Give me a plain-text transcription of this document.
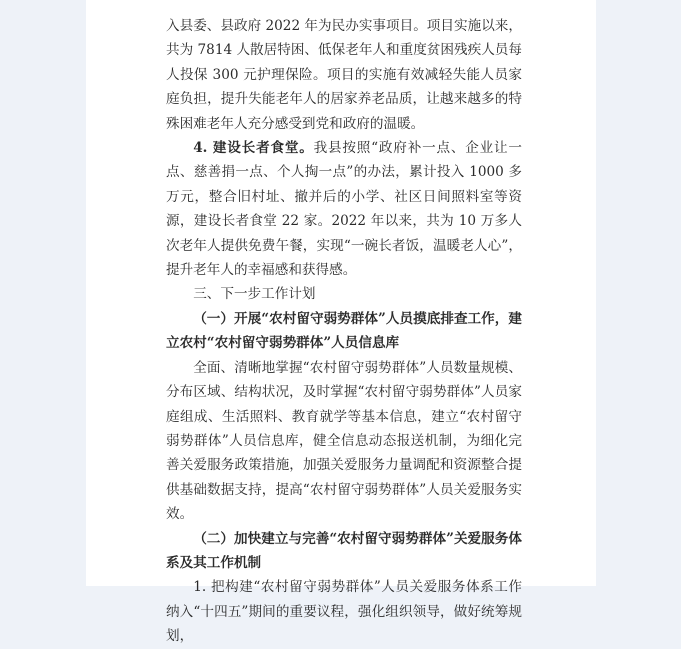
入县委、县政府 2022 年为民办实事项目。项目实施以来，共为 7814 人散居特困、低保老年人和重度贫困残疾人员每人投保 300 元护理保险。项目的实施有效减轻失能人员家庭负担，提升失能老年人的居家养老品质，让越来越多的特殊困难老年人充分感受到党和政府的温暖。

4. 建设长者食堂。我县按照“政府补一点、企业让一点、慈善捐一点、个人掏一点”的办法，累计投入 1000 多万元，整合旧村址、撤并后的小学、社区日间照料室等资源，建设长者食堂 22 家。2022 年以来，共为 10 万多人次老年人提供免费午餐，实现“一碗长者饭，温暖老人心”，提升老年人的幸福感和获得感。

三、下一步工作计划

（一）开展“农村留守弱势群体”人员摸底排查工作，建立农村“农村留守弱势群体”人员信息库

全面、清晰地掌握“农村留守弱势群体”人员数量规模、分布区域、结构状况，及时掌握“农村留守弱势群体”人员家庭组成、生活照料、教育就学等基本信息，建立“农村留守弱势群体”人员信息库，健全信息动态报送机制，为细化完善关爱服务政策措施，加强关爱服务力量调配和资源整合提供基础数据支持，提高“农村留守弱势群体”人员关爱服务实效。

（二）加快建立与完善“农村留守弱势群体”关爱服务体系及其工作机制

1. 把构建“农村留守弱势群体”人员关爱服务体系工作纳入“十四五”期间的重要议程，强化组织领导，做好统筹规划，
